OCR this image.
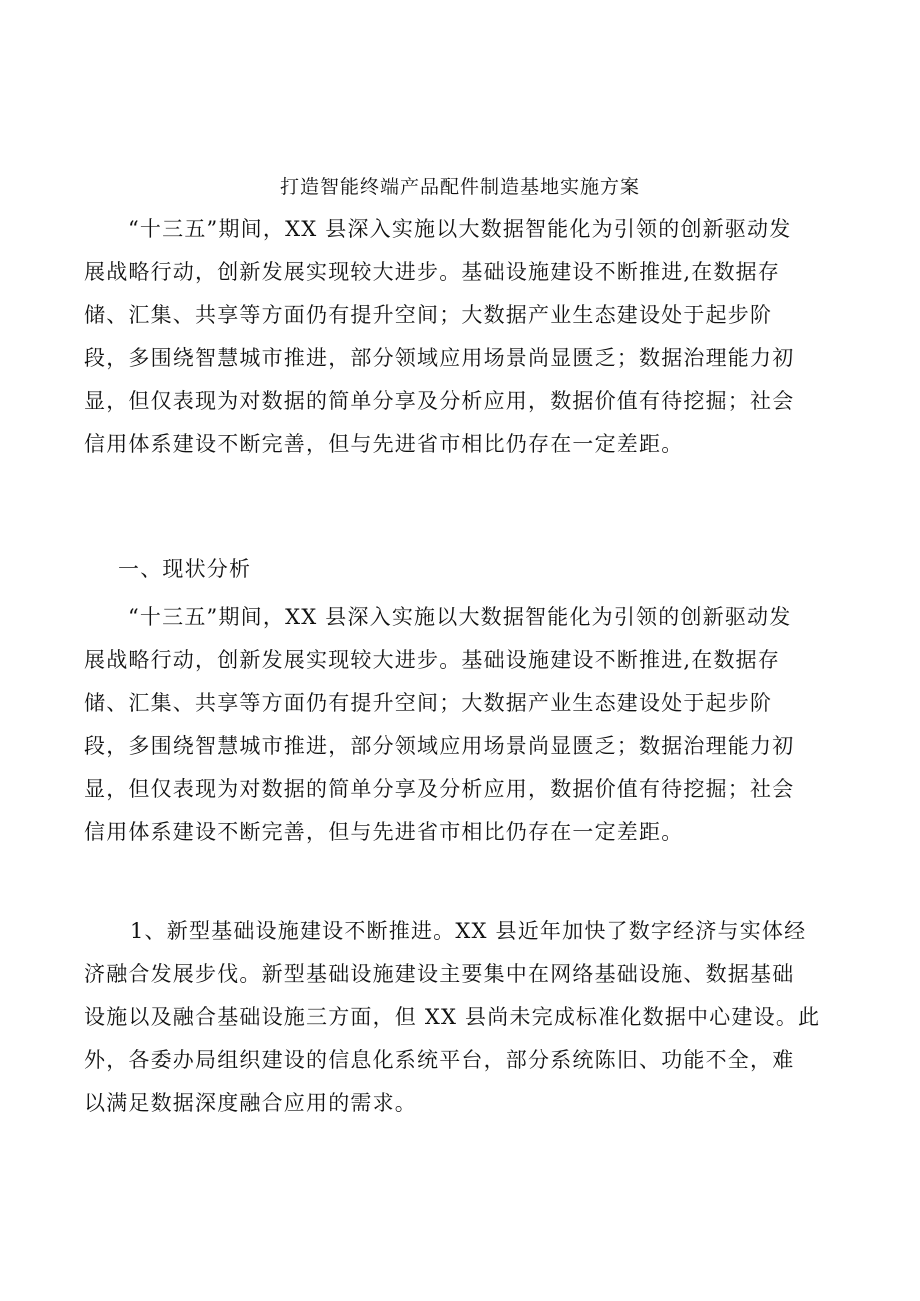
打造智能终端产品配件制造基地实施方案
“十三五”期间，XX 县深入实施以大数据智能化为引领的创新驱动发
展战略行动，创新发展实现较大进步。基础设施建设不断推进,在数据存
储、汇集、共享等方面仍有提升空间；大数据产业生态建设处于起步阶
段，多围绕智慧城市推进，部分领域应用场景尚显匮乏；数据治理能力初
显，但仅表现为对数据的简单分享及分析应用，数据价值有待挖掘；社会
信用体系建设不断完善，但与先进省市相比仍存在一定差距。
一、现状分析
“十三五”期间，XX 县深入实施以大数据智能化为引领的创新驱动发
展战略行动，创新发展实现较大进步。基础设施建设不断推进,在数据存
储、汇集、共享等方面仍有提升空间；大数据产业生态建设处于起步阶
段，多围绕智慧城市推进，部分领域应用场景尚显匮乏；数据治理能力初
显，但仅表现为对数据的简单分享及分析应用，数据价值有待挖掘；社会
信用体系建设不断完善，但与先进省市相比仍存在一定差距。
1、新型基础设施建设不断推进。XX 县近年加快了数字经济与实体经
济融合发展步伐。新型基础设施建设主要集中在网络基础设施、数据基础
设施以及融合基础设施三方面，但 XX 县尚未完成标准化数据中心建设。此
外，各委办局组织建设的信息化系统平台，部分系统陈旧、功能不全，难
以满足数据深度融合应用的需求。
